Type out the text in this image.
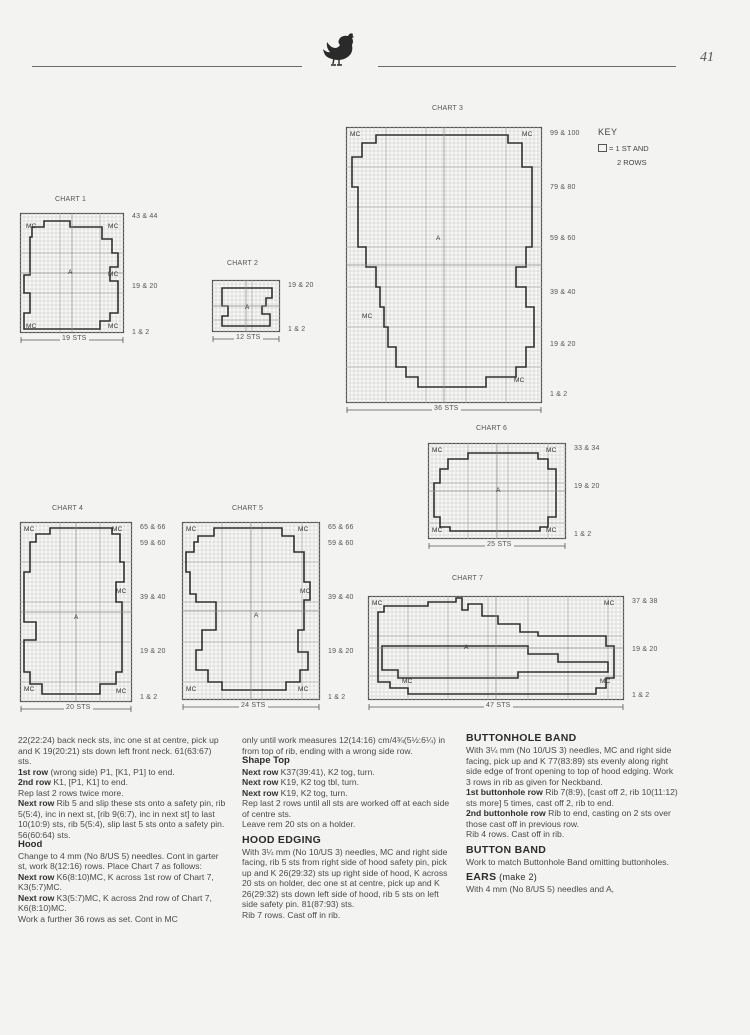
41
KEY
= 1 ST AND
2 ROWS
CHART 1
19 STS
43 & 44
19 & 20
1 & 2
MC	MC
A	MC
MC	MC
CHART 2
12 STS
19 & 20
1 & 2
A
CHART 3
36 STS
99 & 100
79 & 80
59 & 60
39 & 40
19 & 20
1 & 2
MC	MC
A
MC
MC
CHART 4
20 STS
65 & 66
59 & 60
39 & 40
19 & 20
1 & 2
MC	MC
A
MC
MC	MC
CHART 5
24 STS
65 & 66
59 & 60
39 & 40
19 & 20
1 & 2
MC	MC
A
MC
MC	MC
CHART 6
25 STS
33 & 34
19 & 20
1 & 2
MC	MC
A
MC	MC
CHART 7
47 STS
37 & 38
19 & 20
1 & 2
MC	MC
A
MC	MC

22(22:24) back neck sts, inc one st at centre, pick up and K 19(20:21) sts down left front neck. 61(63:67) sts.

1st row (wrong side) P1, [K1, P1] to end.

2nd row K1, [P1, K1] to end.

Rep last 2 rows twice more.

Next row Rib 5 and slip these sts onto a safety pin, rib 5(5:4), inc in next st, [rib 9(6:7), inc in next st] to last 10(10:9) sts, rib 5(5:4), slip last 5 sts onto a safety pin. 56(60:64) sts.

Hood

Change to 4 mm (No 8/US 5) needles. Cont in garter st, work 8(12:16) rows. Place Chart 7 as follows:

Next row K6(8:10)MC, K across 1st row of Chart 7, K3(5:7)MC.

Next row K3(5:7)MC, K across 2nd row of Chart 7, K6(8:10)MC.

Work a further 36 rows as set. Cont in MC

only until work measures 12(14:16) cm/4¾(5½:6¼) in from top of rib, ending with a wrong side row.

Shape Top

Next row K37(39:41), K2 tog, turn.

Next row K19, K2 tog tbl, turn.

Next row K19, K2 tog, turn.

Rep last 2 rows until all sts are worked off at each side of centre sts.

Leave rem 20 sts on a holder.

HOOD EDGING

With 3¼ mm (No 10/US 3) needles, MC and right side facing, rib 5 sts from right side of hood safety pin, pick up and K 26(29:32) sts up right side of hood, K across 20 sts on holder, dec one st at centre, pick up and K 26(29:32) sts down left side of hood, rib 5 sts on left side safety pin. 81(87:93) sts.

Rib 7 rows. Cast off in rib.

BUTTONHOLE BAND

With 3¼ mm (No 10/US 3) needles, MC and right side facing, pick up and K 77(83:89) sts evenly along right side edge of front opening to top of hood edging. Work 3 rows in rib as given for Neckband.

1st buttonhole row Rib 7(8:9), [cast off 2, rib 10(11:12) sts more] 5 times, cast off 2, rib to end.

2nd buttonhole row Rib to end, casting on 2 sts over those cast off in previous row.

Rib 4 rows. Cast off in rib.

BUTTON BAND

Work to match Buttonhole Band omitting buttonholes.

EARS (make 2)

With 4 mm (No 8/US 5) needles and A,
